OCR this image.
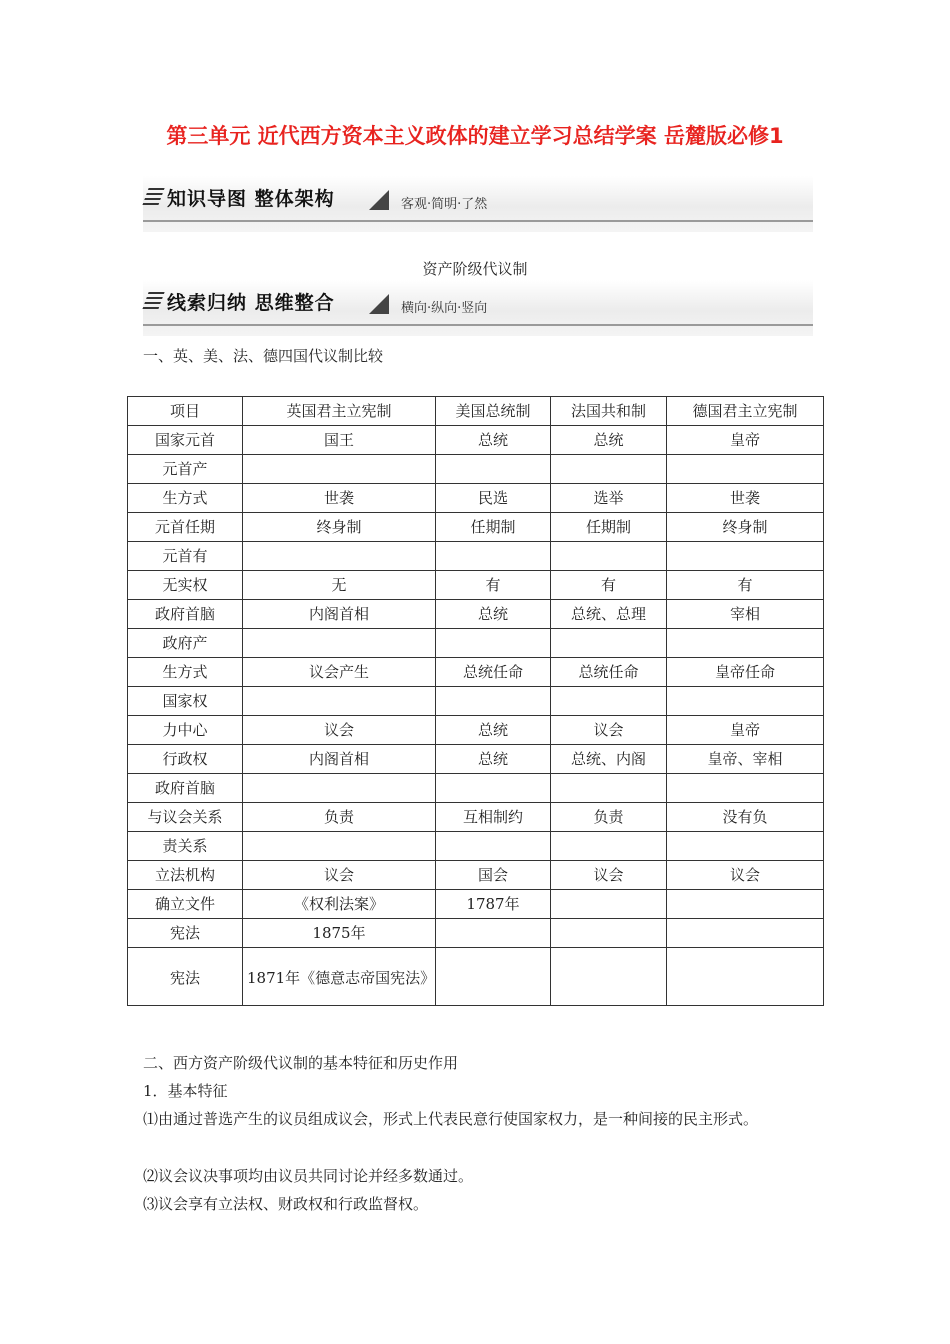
第三单元 近代西方资本主义政体的建立学习总结学案 岳麓版必修1
知识导图 整体架构	客观·简明·了然
资产阶级代议制
线索归纳 思维整合	横向·纵向·竖向
一、英、美、法、德四国代议制比较
项目	英国君主立宪制	美国总统制	法国共和制	德国君主立宪制
国家元首	国王	总统	总统	皇帝
元首产				
生方式	世袭	民选	选举	世袭
元首任期	终身制	任期制	任期制	终身制
元首有				
无实权	无	有	有	有
政府首脑	内阁首相	总统	总统、总理	宰相
政府产				
生方式	议会产生	总统任命	总统任命	皇帝任命
国家权				
力中心	议会	总统	议会	皇帝
行政权	内阁首相	总统	总统、内阁	皇帝、宰相
政府首脑				
与议会关系	负责	互相制约	负责	没有负
责关系				
立法机构	议会	国会	议会	议会
确立文件	《权利法案》	1787年		
宪法	1875年			
宪法	1871年《德意志帝国宪法》			

二、西方资产阶级代议制的基本特征和历史作用

1．基本特征

⑴由通过普选产生的议员组成议会，形式上代表民意行使国家权力，是一种间接的民主形式。

⑵议会议决事项均由议员共同讨论并经多数通过。

⑶议会享有立法权、财政权和行政监督权。
